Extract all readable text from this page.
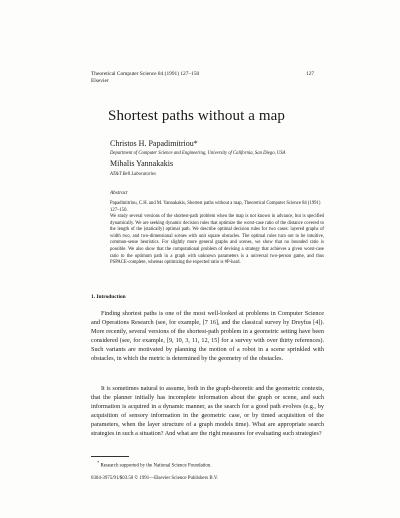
Theoretical Computer Science 84 (1991) 127–150
Elsevier
127
Shortest paths without a map
Christos H. Papadimitriou*
Department of Computer Science and Engineering, University of California, San Diego, USA
Mihalis Yannakakis
AT&T Bell Laboratories
Abstract
Papadimitriou, C.H. and M. Yannakakis, Shortest paths without a map, Theoretical Computer Science 84 (1991) 127–150.
We study several versions of the shortest-path problem when the map is not known in advance, but is specified dynamically. We are seeking dynamic decision rules that optimize the worst-case ratio of the distance covered to the length of the (statically) optimal path. We describe optimal decision rules for two cases: layered graphs of width two, and two-dimensional scenes with unit square obstacles. The optimal rules turn out to be intuitive, common-sense heuristics. For slightly more general graphs and scenes, we show that no bounded ratio is possible. We also show that the computational problem of devising a strategy that achieves a given worst-case ratio to the optimum path in a graph with unknown parameters is a universal two-person game, and thus PSPACE-complete, whereas optimizing the expected ratio is #P-hard.
1. Introduction
Finding shortest paths is one of the most well-looked at problems in Computer Science and Operations Research (see, for example, [7 16], and the classical survey by Dreyfus [4]). More recently, several versions of the shortest-path problem in a geometric setting have been considered (see, for example, [9, 10, 3, 11, 12, 15] for a survey with over thirty references). Such variants are motivated by planning the motion of a robot in a scene sprinkled with obstacles, in which the metric is determined by the geometry of the obstacles.
It is sometimes natural to assume, both in the graph-theoretic and the geometric contexts, that the planner initially has incomplete information about the graph or scene, and such information is acquired in a dynamic manner, as the search for a good path evolves (e.g., by acquisition of sensory information in the geometric case, or by timed acquisition of the parameters, when the layer structure of a graph models time). What are appropriate search strategies in such a situation? And what are the right measures for evaluating such strategies?
* Research supported by the National Science Foundation.
0304-3975/91/$03.50 © 1991—Elsevier Science Publishers B.V.
